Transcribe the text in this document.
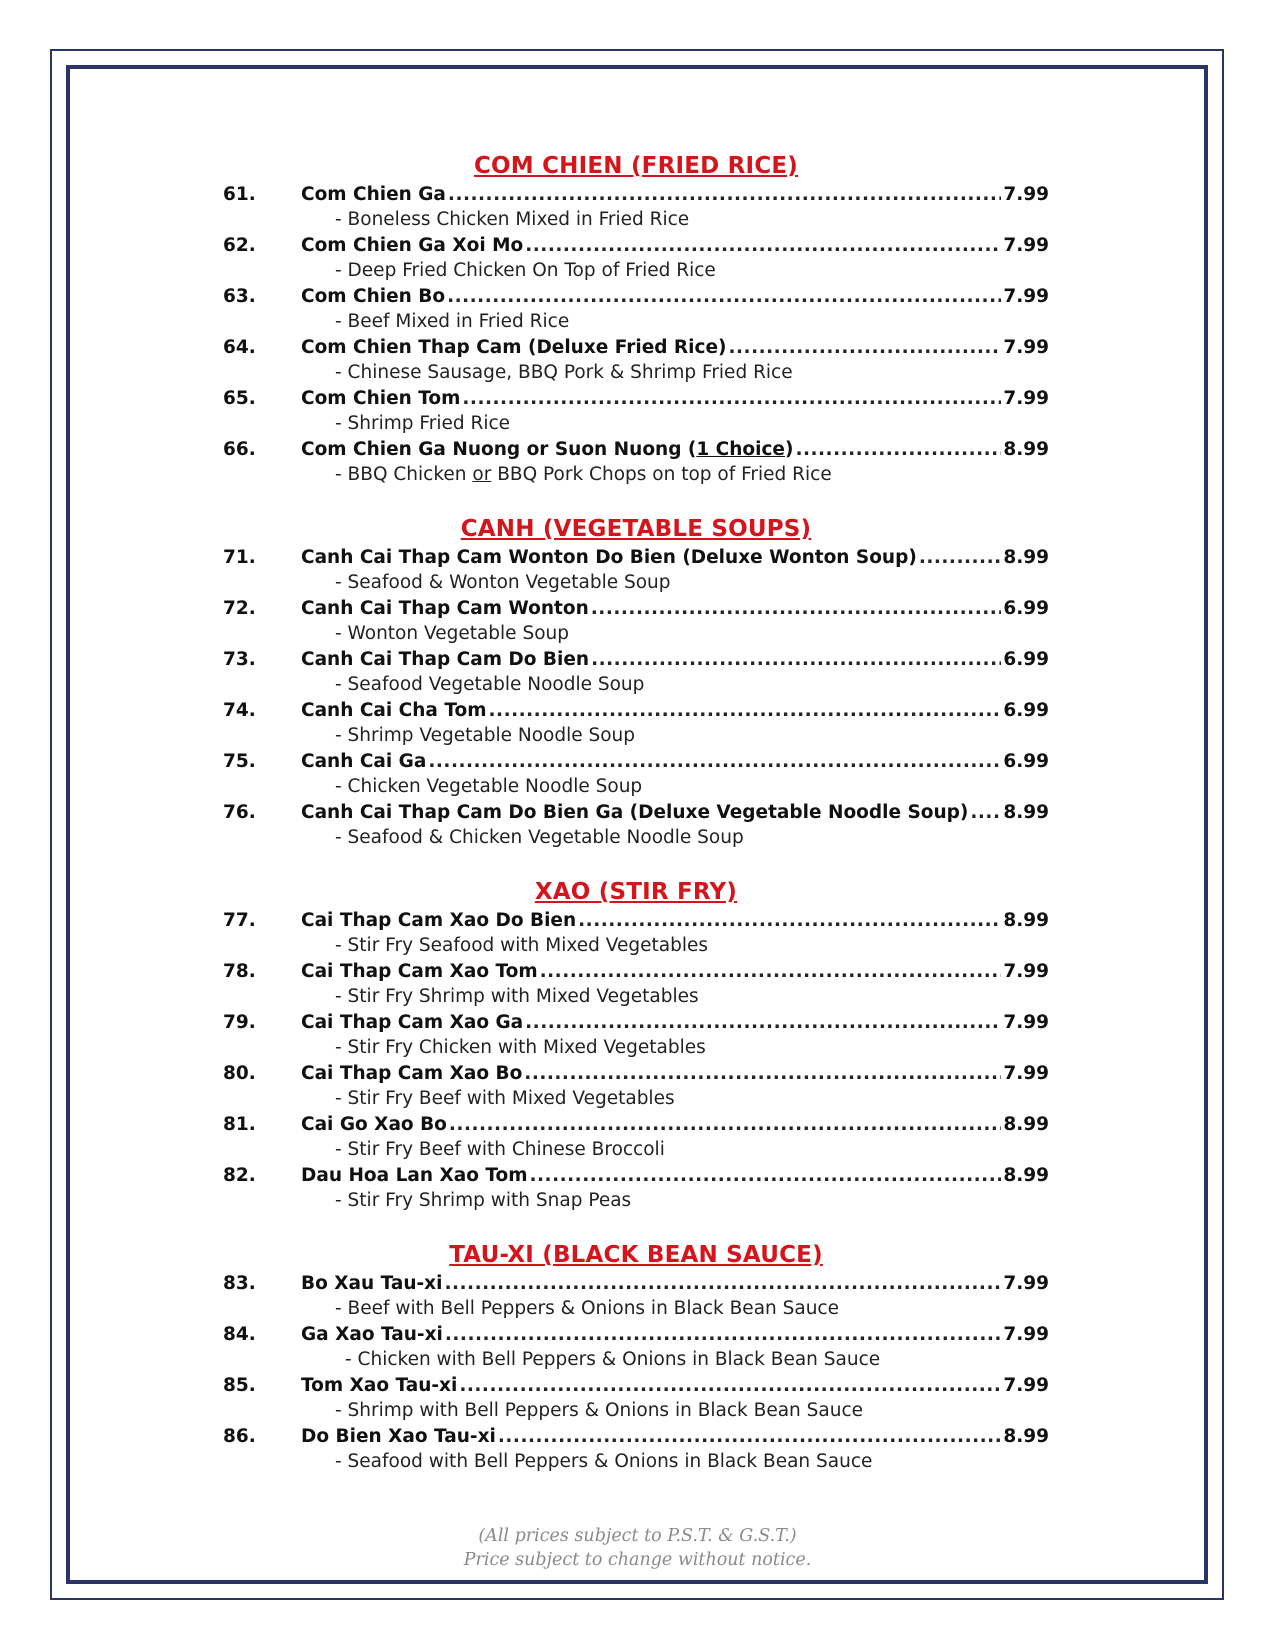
COM CHIEN (FRIED RICE)
61.	Com Chien Ga .....	7.99
- Boneless Chicken Mixed in Fried Rice
62.	Com Chien Ga Xoi Mo .....	7.99
- Deep Fried Chicken On Top of Fried Rice
63.	Com Chien Bo .....	7.99
- Beef Mixed in Fried Rice
64.	Com Chien Thap Cam (Deluxe Fried Rice) .....	7.99
- Chinese Sausage, BBQ Pork & Shrimp Fried Rice
65.	Com Chien Tom .....	7.99
- Shrimp Fried Rice
66.	Com Chien Ga Nuong or Suon Nuong (1 Choice) .....	8.99
- BBQ Chicken or BBQ Pork Chops on top of Fried Rice
CANH (VEGETABLE SOUPS)
71.	Canh Cai Thap Cam Wonton Do Bien (Deluxe Wonton Soup) .....	8.99
- Seafood & Wonton Vegetable Soup
72.	Canh Cai Thap Cam Wonton .....	6.99
- Wonton Vegetable Soup
73.	Canh Cai Thap Cam Do Bien .....	6.99
- Seafood Vegetable Noodle Soup
74.	Canh Cai Cha Tom .....	6.99
- Shrimp Vegetable Noodle Soup
75.	Canh Cai Ga .....	6.99
- Chicken Vegetable Noodle Soup
76.	Canh Cai Thap Cam Do Bien Ga (Deluxe Vegetable Noodle Soup) ..... 8.99
- Seafood & Chicken Vegetable Noodle Soup
XAO (STIR FRY)
77.	Cai Thap Cam Xao Do Bien .....	8.99
- Stir Fry Seafood with Mixed Vegetables
78.	Cai Thap Cam Xao Tom .....	7.99
- Stir Fry Shrimp with Mixed Vegetables
79.	Cai Thap Cam Xao Ga .....	7.99
- Stir Fry Chicken with Mixed Vegetables
80.	Cai Thap Cam Xao Bo .....	7.99
- Stir Fry Beef with Mixed Vegetables
81.	Cai Go Xao Bo .....	8.99
- Stir Fry Beef with Chinese Broccoli
82.	Dau Hoa Lan Xao Tom .....	8.99
- Stir Fry Shrimp with Snap Peas
TAU-XI (BLACK BEAN SAUCE)
83.	Bo Xau Tau-xi .....	7.99
- Beef with Bell Peppers & Onions in Black Bean Sauce
84.	Ga Xao Tau-xi .....	7.99
- Chicken with Bell Peppers & Onions in Black Bean Sauce
85.	Tom Xao Tau-xi .....	7.99
- Shrimp with Bell Peppers & Onions in Black Bean Sauce
86.	Do Bien Xao Tau-xi .....	8.99
- Seafood with Bell Peppers & Onions in Black Bean Sauce
(All prices subject to P.S.T. & G.S.T.)
Price subject to change without notice.
